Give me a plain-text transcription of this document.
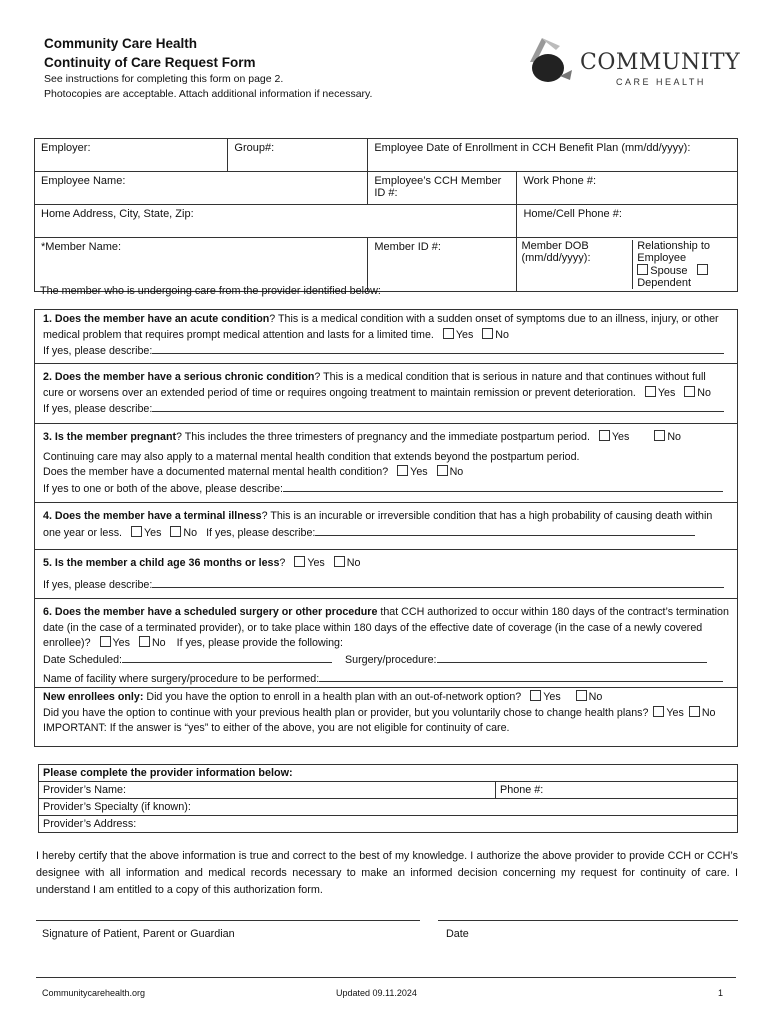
Community Care Health
Continuity of Care Request Form
See instructions for completing this form on page 2.
Photocopies are acceptable. Attach additional information if necessary.
COMMUNITY
CARE HEALTH
Employer:	Group#:	Employee Date of Enrollment in CCH Benefit Plan (mm/dd/yyyy):	
Employee Name:		Employee’s CCH Member ID #:	Work Phone #:
Home Address, City, State, Zip:			Home/Cell Phone #:
*Member Name:		Member ID #:	Member DOB (mm/dd/yyyy):
Relationship to Employee
Spouse Dependent
The member who is undergoing care from the provider identified below:
1. Does the member have an acute condition? This is a medical condition with a sudden onset of symptoms due to an illness, injury, or other medical problem that requires prompt medical attention and lasts for a limited time. Yes No
If yes, please describe:
2. Does the member have a serious chronic condition? This is a medical condition that is serious in nature and that continues without full cure or worsens over an extended period of time or requires ongoing treatment to maintain remission or prevent deterioration. Yes No
If yes, please describe:
3. Is the member pregnant? This includes the three trimesters of pregnancy and the immediate postpartum period. Yes	No

Continuing care may also apply to a maternal mental health condition that extends beyond the postpartum period.
Does the member have a documented maternal mental health condition? Yes No
If yes to one or both of the above, please describe:
4. Does the member have a terminal illness? This is an incurable or irreversible condition that has a high probability of causing death within one year or less. Yes No If yes, please describe:
5. Is the member a child age 36 months or less? Yes No
If yes, please describe:
6. Does the member have a scheduled surgery or other procedure that CCH authorized to occur within 180 days of the contract’s termination date (in the case of a terminated provider), or to take place within 180 days of the effective date of coverage (in the case of a newly covered enrollee)? Yes No If yes, please provide the following:
Date Scheduled:	Surgery/procedure:
Name of facility where surgery/procedure to be performed:
New enrollees only: Did you have the option to enroll in a health plan with an out-of-network option? Yes	No
Did you have the option to continue with your previous health plan or provider, but you voluntarily chose to change health plans? Yes No
IMPORTANT: If the answer is “yes” to either of the above, you are not eligible for continuity of care.
Please complete the provider information below:
Provider’s Name:	Phone #:
Provider’s Specialty (if known):
Provider’s Address:
I hereby certify that the above information is true and correct to the best of my knowledge. I authorize the above provider to provide CCH or CCH’s designee with all information and medical records necessary to make an informed decision concerning my request for continuity of care. I understand I am entitled to a copy of this authorization form.
Signature of Patient, Parent or Guardian	Date
Communitycarehealth.org	Updated 09.11.2024	1
